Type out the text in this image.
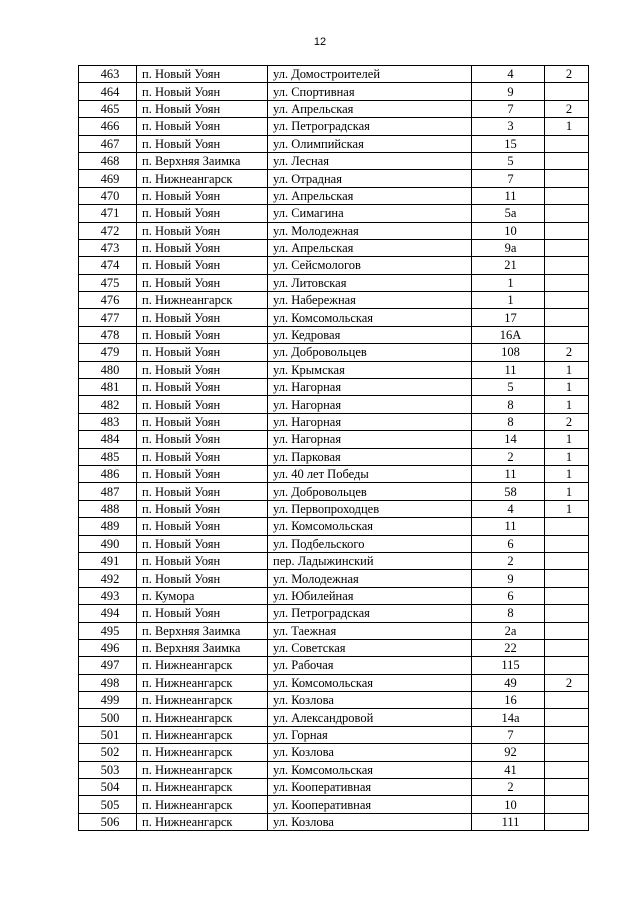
12
463	п. Новый Уоян	ул. Домостроителей	4	2
464	п. Новый Уоян	ул. Спортивная	9	
465	п. Новый Уоян	ул. Апрельская	7	2
466	п. Новый Уоян	ул. Петроградская	3	1
467	п. Новый Уоян	ул. Олимпийская	15	
468	п. Верхняя Заимка	ул. Лесная	5	
469	п. Нижнеангарск	ул. Отрадная	7	
470	п. Новый Уоян	ул. Апрельская	11	
471	п. Новый Уоян	ул. Симагина	5а	
472	п. Новый Уоян	ул. Молодежная	10	
473	п. Новый Уоян	ул. Апрельская	9а	
474	п. Новый Уоян	ул. Сейсмологов	21	
475	п. Новый Уоян	ул. Литовская	1	
476	п. Нижнеангарск	ул. Набережная	1	
477	п. Новый Уоян	ул. Комсомольская	17	
478	п. Новый Уоян	ул. Кедровая	16А	
479	п. Новый Уоян	ул. Добровольцев	108	2
480	п. Новый Уоян	ул. Крымская	11	1
481	п. Новый Уоян	ул. Нагорная	5	1
482	п. Новый Уоян	ул. Нагорная	8	1
483	п. Новый Уоян	ул. Нагорная	8	2
484	п. Новый Уоян	ул. Нагорная	14	1
485	п. Новый Уоян	ул. Парковая	2	1
486	п. Новый Уоян	ул. 40 лет Победы	11	1
487	п. Новый Уоян	ул. Добровольцев	58	1
488	п. Новый Уоян	ул. Первопроходцев	4	1
489	п. Новый Уоян	ул. Комсомольская	11	
490	п. Новый Уоян	ул. Подбельского	6	
491	п. Новый Уоян	пер. Ладыжинский	2	
492	п. Новый Уоян	ул. Молодежная	9	
493	п. Кумора	ул. Юбилейная	6	
494	п. Новый Уоян	ул. Петроградская	8	
495	п. Верхняя Заимка	ул. Таежная	2а	
496	п. Верхняя Заимка	ул. Советская	22	
497	п. Нижнеангарск	ул. Рабочая	115	
498	п. Нижнеангарск	ул. Комсомольская	49	2
499	п. Нижнеангарск	ул. Козлова	16	
500	п. Нижнеангарск	ул. Александровой	14а	
501	п. Нижнеангарск	ул. Горная	7	
502	п. Нижнеангарск	ул. Козлова	92	
503	п. Нижнеангарск	ул. Комсомольская	41	
504	п. Нижнеангарск	ул. Кооперативная	2	
505	п. Нижнеангарск	ул. Кооперативная	10	
506	п. Нижнеангарск	ул. Козлова	111	
